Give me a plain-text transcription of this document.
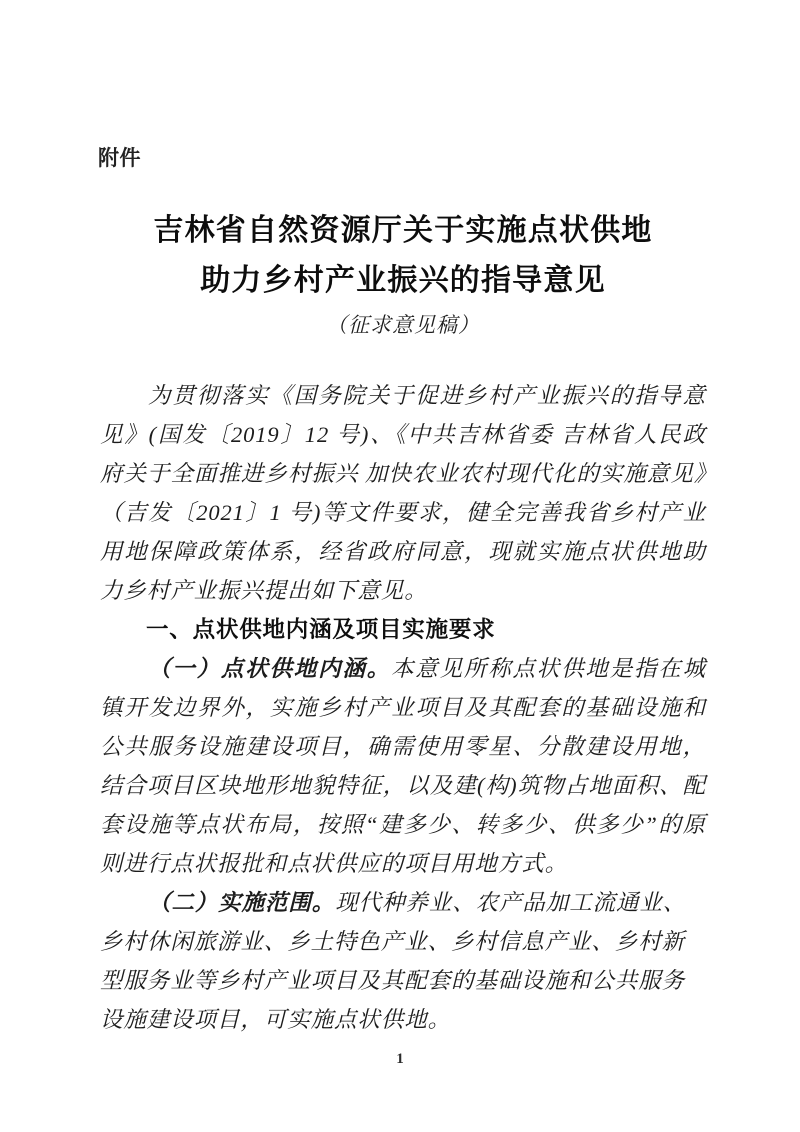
附件
吉林省自然资源厅关于实施点状供地
助力乡村产业振兴的指导意见
（征求意见稿）

为贯彻落实《国务院关于促进乡村产业振兴的指导意见》(国发〔2019〕12 号)、《中共吉林省委 吉林省人民政府关于全面推进乡村振兴 加快农业农村现代化的实施意见》（吉发〔2021〕1 号)等文件要求，健全完善我省乡村产业用地保障政策体系，经省政府同意，现就实施点状供地助力乡村产业振兴提出如下意见。

一、点状供地内涵及项目实施要求

（一）点状供地内涵。本意见所称点状供地是指在城镇开发边界外，实施乡村产业项目及其配套的基础设施和公共服务设施建设项目，确需使用零星、分散建设用地，结合项目区块地形地貌特征，以及建(构)筑物占地面积、配套设施等点状布局，按照“建多少、转多少、供多少”的原则进行点状报批和点状供应的项目用地方式。

（二）实施范围。现代种养业、农产品加工流通业、乡村休闲旅游业、乡土特色产业、乡村信息产业、乡村新型服务业等乡村产业项目及其配套的基础设施和公共服务设施建设项目，可实施点状供地。

1
